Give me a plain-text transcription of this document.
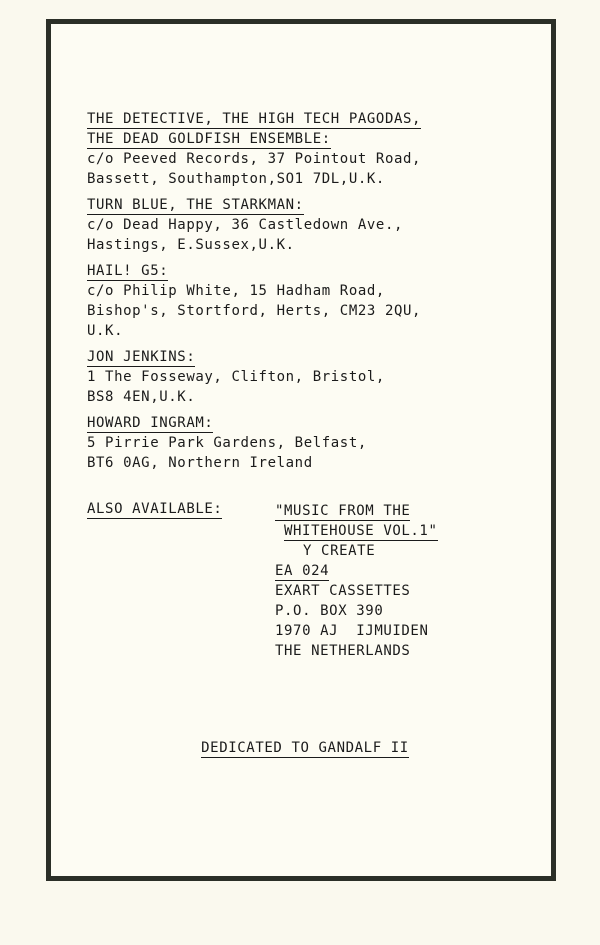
THE DETECTIVE, THE HIGH TECH PAGODAS,
THE DEAD GOLDFISH ENSEMBLE:
c/o Peeved Records, 37 Pointout Road,
Bassett, Southampton,SO1 7DL,U.K.
TURN BLUE, THE STARKMAN:
c/o Dead Happy, 36 Castledown Ave.,
Hastings, E.Sussex,U.K.
HAIL! G5:
c/o Philip White, 15 Hadham Road,
Bishop's, Stortford, Herts, CM23 2QU,
U.K.
JON JENKINS:
1 The Fosseway, Clifton, Bristol,
BS8 4EN,U.K.
HOWARD INGRAM:
5 Pirrie Park Gardens, Belfast,
BT6 0AG, Northern Ireland
ALSO AVAILABLE:	"MUSIC FROM THE
WHITEHOUSE VOL.1"
Y CREATE
EA 024
EXART CASSETTES
P.O. BOX 390
1970 AJ  IJMUIDEN
THE NETHERLANDS
DEDICATED TO GANDALF II
